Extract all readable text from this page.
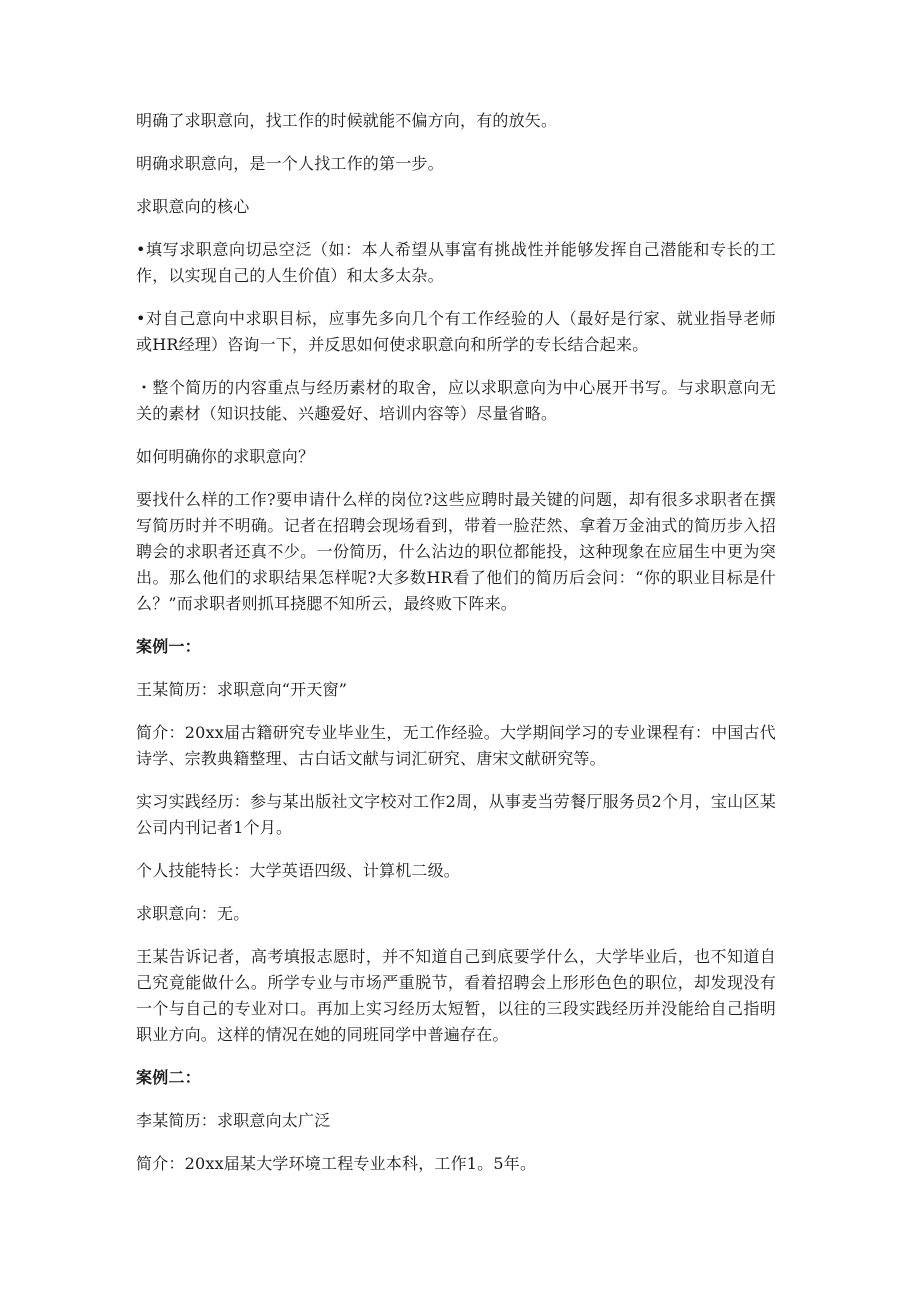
明确了求职意向，找工作的时候就能不偏方向，有的放矢。

明确求职意向，是一个人找工作的第一步。

求职意向的核心

•填写求职意向切忌空泛（如：本人希望从事富有挑战性并能够发挥自己潜能和专长的工作，以实现自己的人生价值）和太多太杂。

•对自己意向中求职目标，应事先多向几个有工作经验的人（最好是行家、就业指导老师或HR经理）咨询一下，并反思如何使求职意向和所学的专长结合起来。

・整个简历的内容重点与经历素材的取舍，应以求职意向为中心展开书写。与求职意向无关的素材（知识技能、兴趣爱好、培训内容等）尽量省略。

如何明确你的求职意向？

要找什么样的工作?要申请什么样的岗位?这些应聘时最关键的问题，却有很多求职者在撰写简历时并不明确。记者在招聘会现场看到，带着一脸茫然、拿着万金油式的简历步入招聘会的求职者还真不少。一份简历，什么沾边的职位都能投，这种现象在应届生中更为突出。那么他们的求职结果怎样呢?大多数HR看了他们的简历后会问：“你的职业目标是什么？”而求职者则抓耳挠腮不知所云，最终败下阵来。

案例一：

王某简历：求职意向“开天窗”

简介：20xx届古籍研究专业毕业生，无工作经验。大学期间学习的专业课程有：中国古代诗学、宗教典籍整理、古白话文献与词汇研究、唐宋文献研究等。

实习实践经历：参与某出版社文字校对工作2周，从事麦当劳餐厅服务员2个月，宝山区某公司内刊记者1个月。

个人技能特长：大学英语四级、计算机二级。

求职意向：无。

王某告诉记者，高考填报志愿时，并不知道自己到底要学什么，大学毕业后，也不知道自己究竟能做什么。所学专业与市场严重脱节，看着招聘会上形形色色的职位，却发现没有一个与自己的专业对口。再加上实习经历太短暂，以往的三段实践经历并没能给自己指明职业方向。这样的情况在她的同班同学中普遍存在。

案例二：

李某简历：求职意向太广泛

简介：20xx届某大学环境工程专业本科，工作1。5年。
